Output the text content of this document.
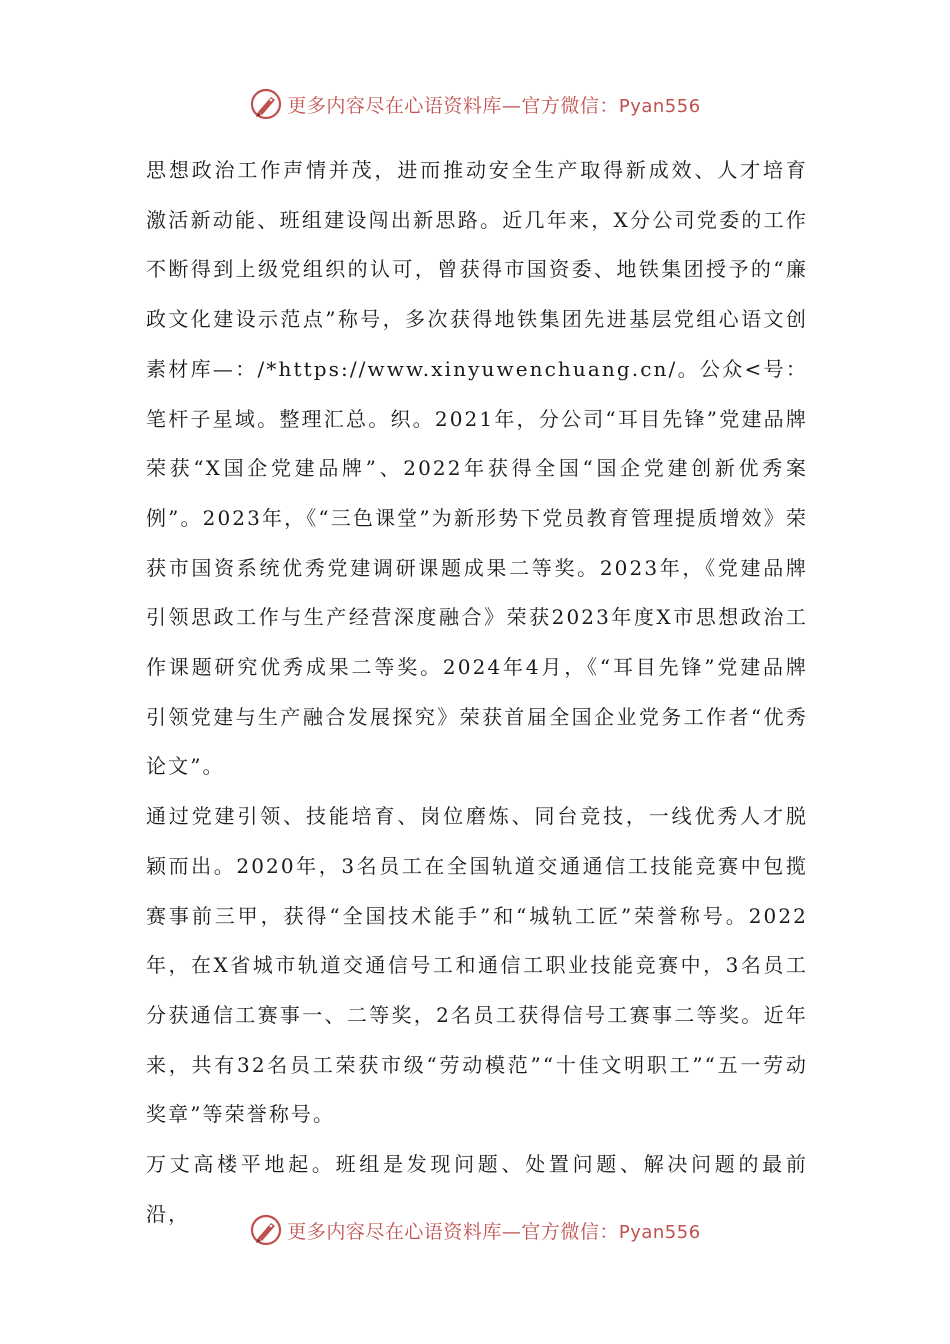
更多内容尽在心语资料库—官方微信：Pyan556

思想政治工作声情并茂，进而推动安全生产取得新成效、人才培育激活新动能、班组建设闯出新思路。近几年来，X分公司党委的工作不断得到上级党组织的认可，曾获得市国资委、地铁集团授予的“廉政文化建设示范点”称号，多次获得地铁集团先进基层党组心语文创素材库—：/*https://www.xinyuwenchuang.cn/。公众<号：笔杆子星域。整理汇总。织。2021年，分公司“耳目先锋”党建品牌荣获“X国企党建品牌”、2022年获得全国“国企党建创新优秀案例”。2023年，《“三色课堂”为新形势下党员教育管理提质增效》荣获市国资系统优秀党建调研课题成果二等奖。2023年，《党建品牌引领思政工作与生产经营深度融合》荣获2023年度X市思想政治工作课题研究优秀成果二等奖。2024年4月，《“耳目先锋”党建品牌引领党建与生产融合发展探究》荣获首届全国企业党务工作者“优秀论文”。

通过党建引领、技能培育、岗位磨炼、同台竞技，一线优秀人才脱颖而出。2020年，3名员工在全国轨道交通通信工技能竞赛中包揽赛事前三甲，获得“全国技术能手”和“城轨工匠”荣誉称号。2022年，在X省城市轨道交通信号工和通信工职业技能竞赛中，3名员工分获通信工赛事一、二等奖，2名员工获得信号工赛事二等奖。近年来，共有32名员工荣获市级“劳动模范”“十佳文明职工”“五一劳动奖章”等荣誉称号。

万丈高楼平地起。班组是发现问题、处置问题、解决问题的最前沿，

更多内容尽在心语资料库—官方微信：Pyan556
